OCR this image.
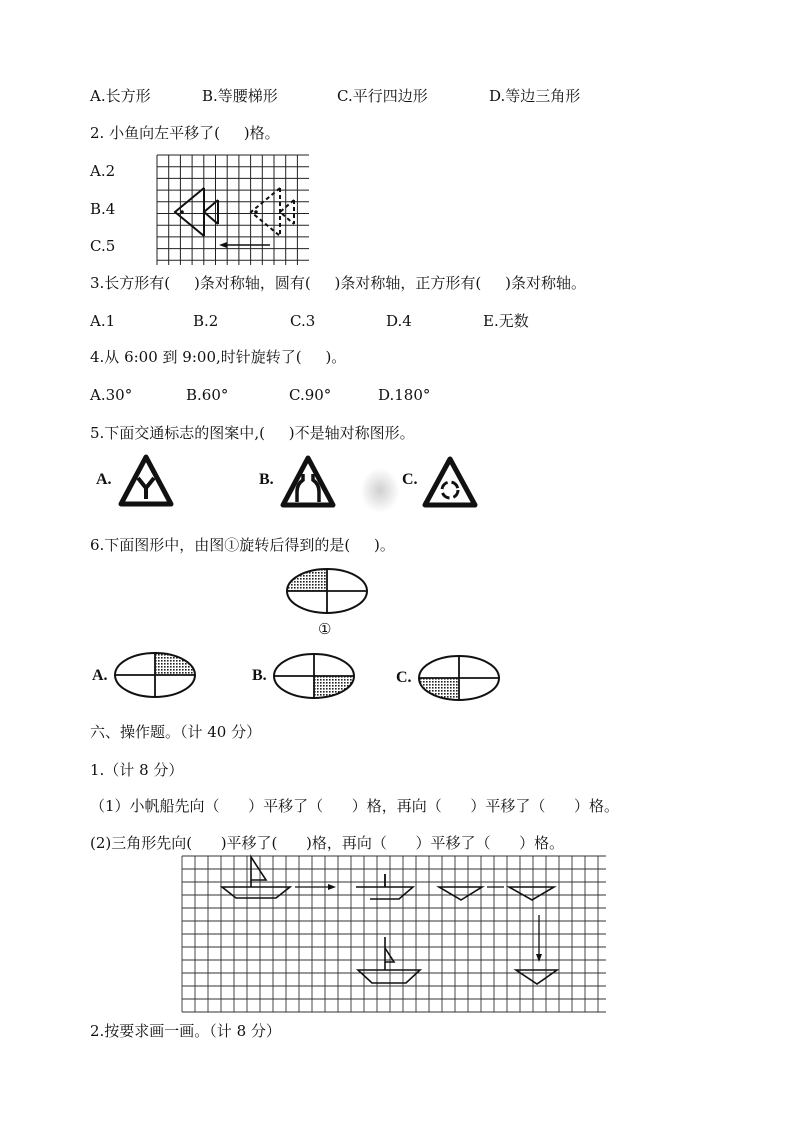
A.长方形	B.等腰梯形	C.平行四边形	D.等边三角形
2. 小鱼向左平移了(     )格。
A.2
B.4
C.5
3.长方形有(     )条对称轴，圆有(     )条对称轴，正方形有(     )条对称轴。
A.1	B.2	C.3	D.4	E.无数
4.从 6:00 到 9:00,时针旋转了(     )。
A.30°	B.60°	C.90°	D.180°
5.下面交通标志的图案中,(     )不是轴对称图形。
A.	B.	C.
6.下面图形中，由图①旋转后得到的是(     )。
①
A.	B.	C.
六、操作题。（计 40 分）
1.（计 8 分）
（1）小帆船先向（      ）平移了（      ）格，再向（      ）平移了（      ）格。
(2)三角形先向(      )平移了(      )格，再向（      ）平移了（      ）格。
2.按要求画一画。（计 8 分）
